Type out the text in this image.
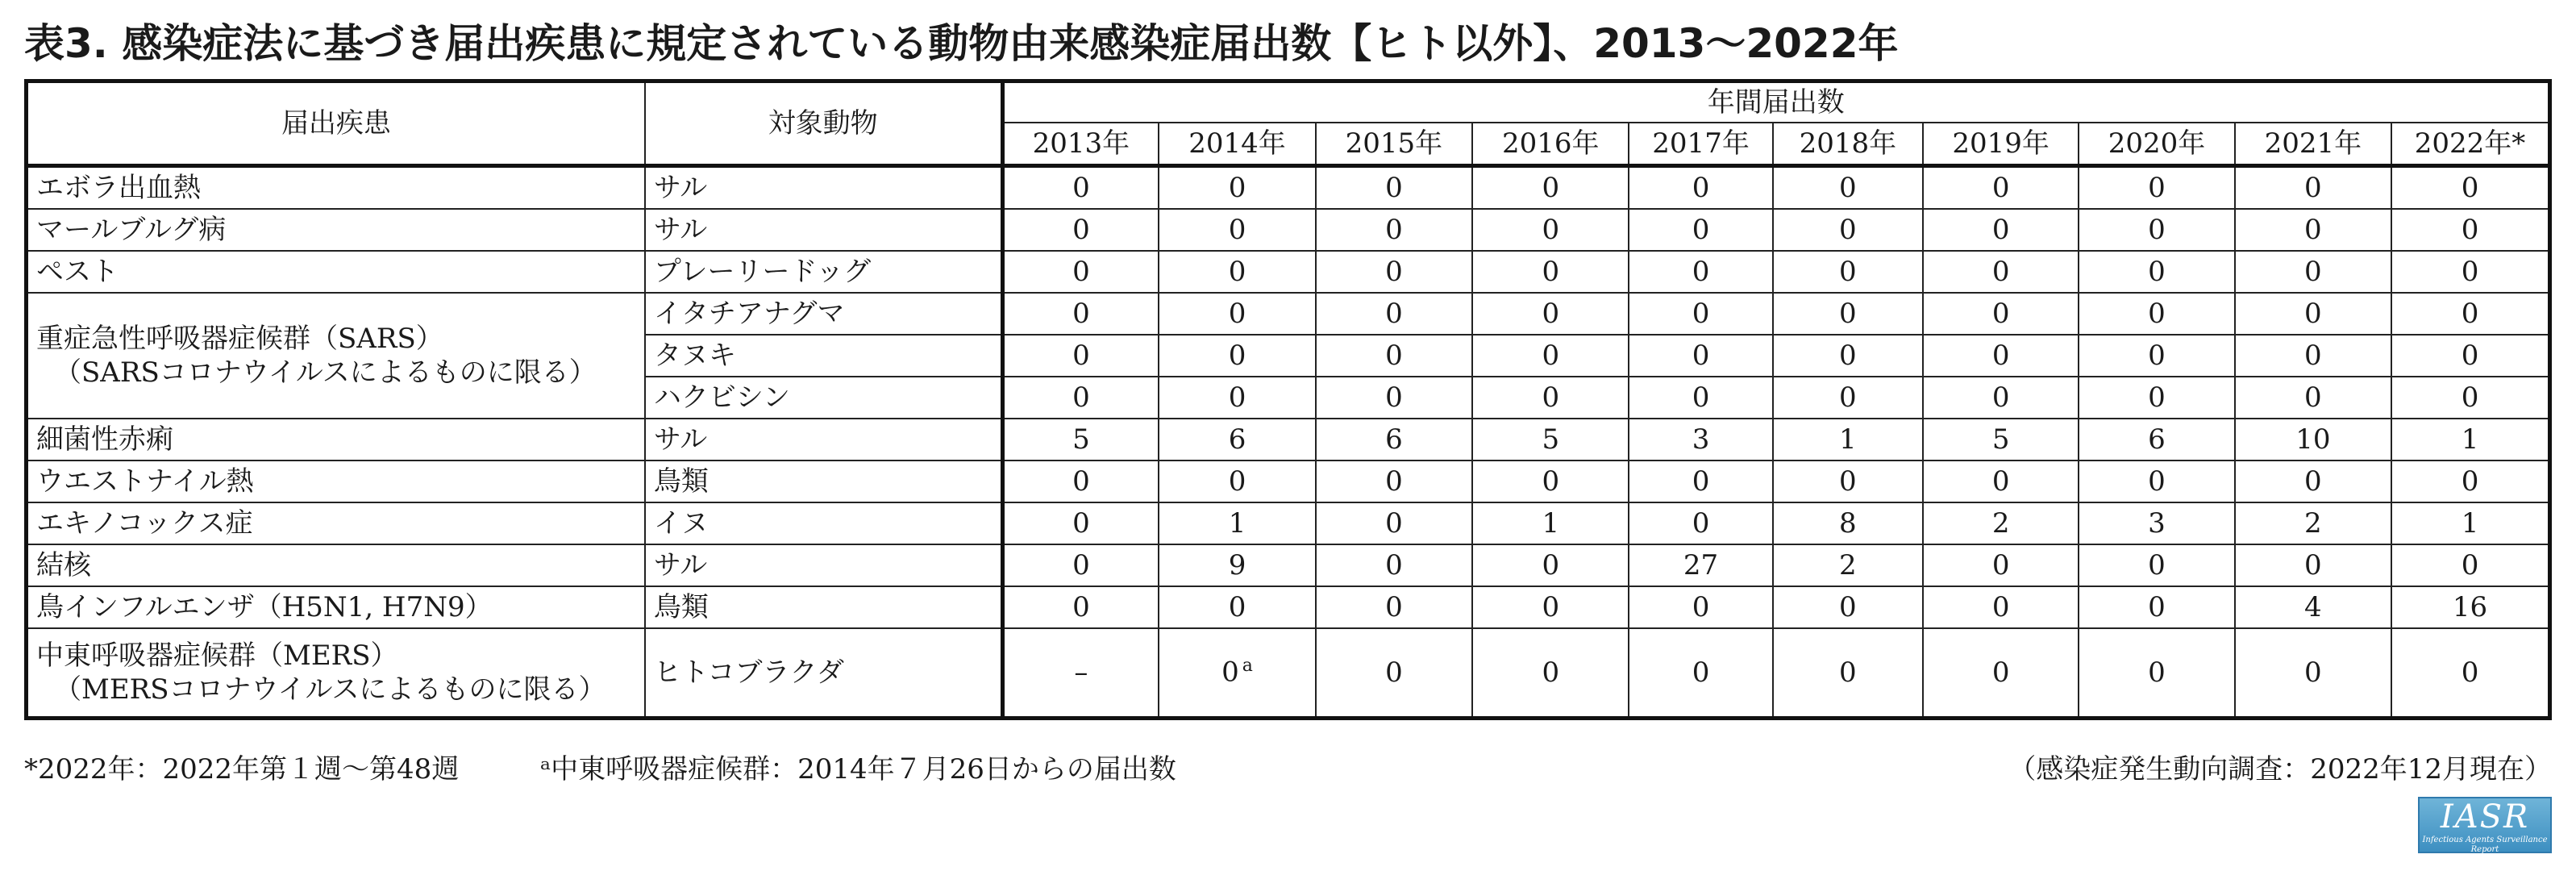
表3. 感染症法に基づき届出疾患に規定されている動物由来感染症届出数【ヒト以外】、2013〜2022年
届出疾患	対象動物	年間届出数									
		2013年	2014年	2015年	2016年	2017年	2018年	2019年	2020年	2021年	2022年*
エボラ出血熱	サル	0	0	0	0	0	0	0	0	0	0
マールブルグ病	サル	0	0	0	0	0	0	0	0	0	0
ペスト	プレーリードッグ	0	0	0	0	0	0	0	0	0	0
重症急性呼吸器症候群（SARS）
（SARSコロナウイルスによるものに限る）	イタチアナグマ	0	0	0	0	0	0	0	0	0	0
	タヌキ	0	0	0	0	0	0	0	0	0	0
	ハクビシン	0	0	0	0	0	0	0	0	0	0
細菌性赤痢	サル	5	6	6	5	3	1	5	6	10	1
ウエストナイル熱	鳥類	0	0	0	0	0	0	0	0	0	0
エキノコックス症	イヌ	0	1	0	1	0	8	2	3	2	1
結核	サル	0	9	0	0	27	2	0	0	0	0
鳥インフルエンザ（H5N1, H7N9）	鳥類	0	0	0	0	0	0	0	0	4	16
中東呼吸器症候群（MERS）
（MERSコロナウイルスによるものに限る）	ヒトコブラクダ	–	0 $^a$	0	0	0	0	0	0	0	0
*2022年：2022年第１週〜第48週	ᵃ中東呼吸器症候群：2014年７月26日からの届出数	（感染症発生動向調査：2022年12月現在）
IASR
Infectious Agents Surveillance Report
